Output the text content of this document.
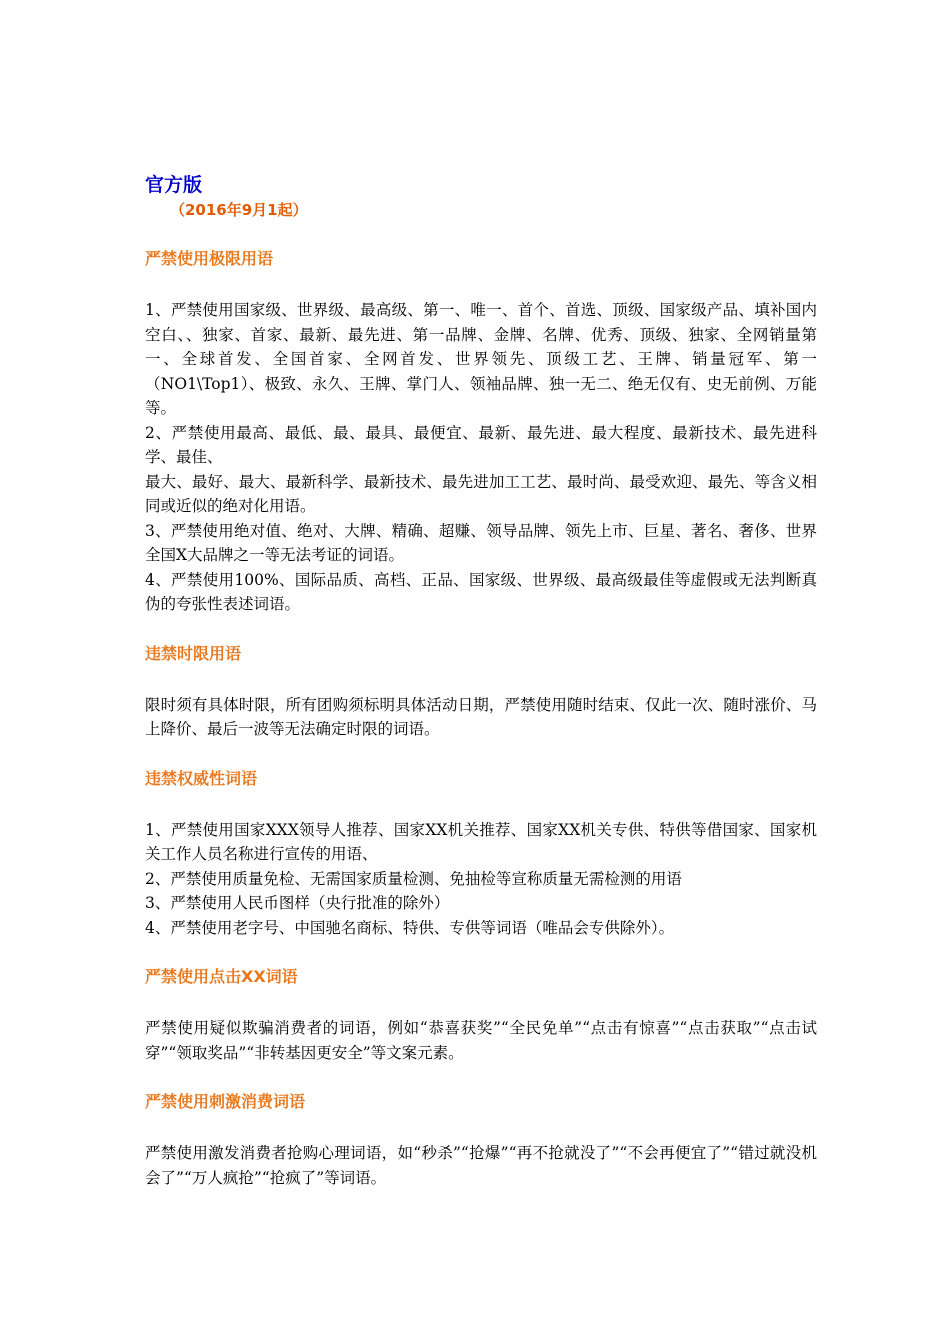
官方版

（2016年9月1起）

严禁使用极限用语

1、严禁使用国家级、世界级、最高级、第一、唯一、首个、首选、顶级、国家级产品、填补国内空白、、独家、首家、最新、最先进、第一品牌、金牌、名牌、优秀、顶级、独家、全网销量第一、全球首发、全国首家、全网首发、世界领先、顶级工艺、王牌、销量冠军、第一（NO1\Top1）、极致、永久、王牌、掌门人、领袖品牌、独一无二、绝无仅有、史无前例、万能等。

2、严禁使用最高、最低、最、最具、最便宜、最新、最先进、最大程度、最新技术、最先进科学、最佳、

最大、最好、最大、最新科学、最新技术、最先进加工工艺、最时尚、最受欢迎、最先、等含义相同或近似的绝对化用语。

3、严禁使用绝对值、绝对、大牌、精确、超赚、领导品牌、领先上市、巨星、著名、奢侈、世界　全国X大品牌之一等无法考证的词语。

4、严禁使用100%、国际品质、高档、正品、国家级、世界级、最高级最佳等虚假或无法判断真伪的夸张性表述词语。

违禁时限用语

限时须有具体时限，所有团购须标明具体活动日期，严禁使用随时结束、仅此一次、随时涨价、马上降价、最后一波等无法确定时限的词语。

违禁权威性词语

1、严禁使用国家XXX领导人推荐、国家XX机关推荐、国家XX机关专供、特供等借国家、国家机关工作人员名称进行宣传的用语、

2、严禁使用质量免检、无需国家质量检测、免抽检等宣称质量无需检测的用语

3、严禁使用人民币图样（央行批准的除外）

4、严禁使用老字号、中国驰名商标、特供、专供等词语（唯品会专供除外）。

严禁使用点击XX词语

严禁使用疑似欺骗消费者的词语，例如“恭喜获奖”“全民免单”“点击有惊喜”“点击获取”“点击试穿”“领取奖品”“非转基因更安全”等文案元素。

严禁使用刺激消费词语

严禁使用激发消费者抢购心理词语，如“秒杀”“抢爆”“再不抢就没了”“不会再便宜了”“错过就没机会了”“万人疯抢”“抢疯了”等词语。
